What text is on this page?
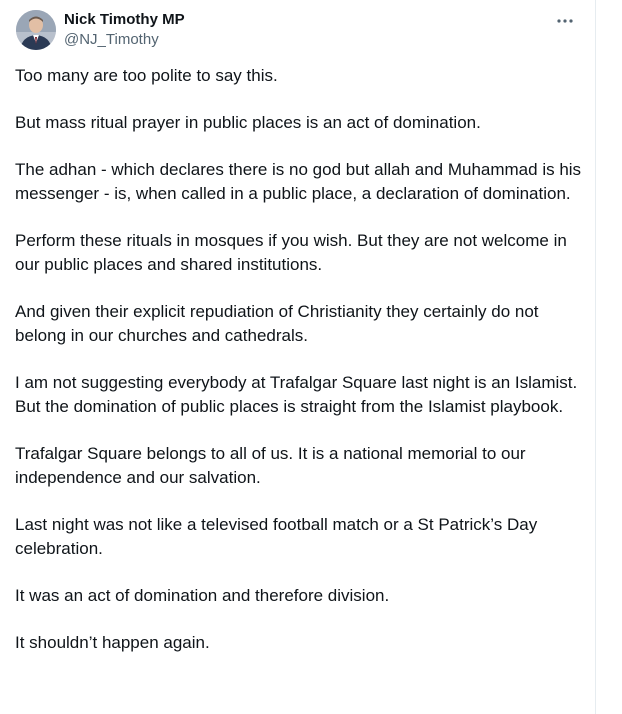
Nick Timothy MP
@NJ_Timothy

Too many are too polite to say this.

But mass ritual prayer in public places is an act of domination.

The adhan - which declares there is no god but allah and Muhammad is his messenger - is, when called in a public place, a declaration of domination.

Perform these rituals in mosques if you wish. But they are not welcome in our public places and shared institutions.

And given their explicit repudiation of Christianity they certainly do not belong in our churches and cathedrals.

I am not suggesting everybody at Trafalgar Square last night is an Islamist. But the domination of public places is straight from the Islamist playbook.

Trafalgar Square belongs to all of us. It is a national memorial to our independence and our salvation.

Last night was not like a televised football match or a St Patrick’s Day celebration.

It was an act of domination and therefore division.

It shouldn’t happen again.
